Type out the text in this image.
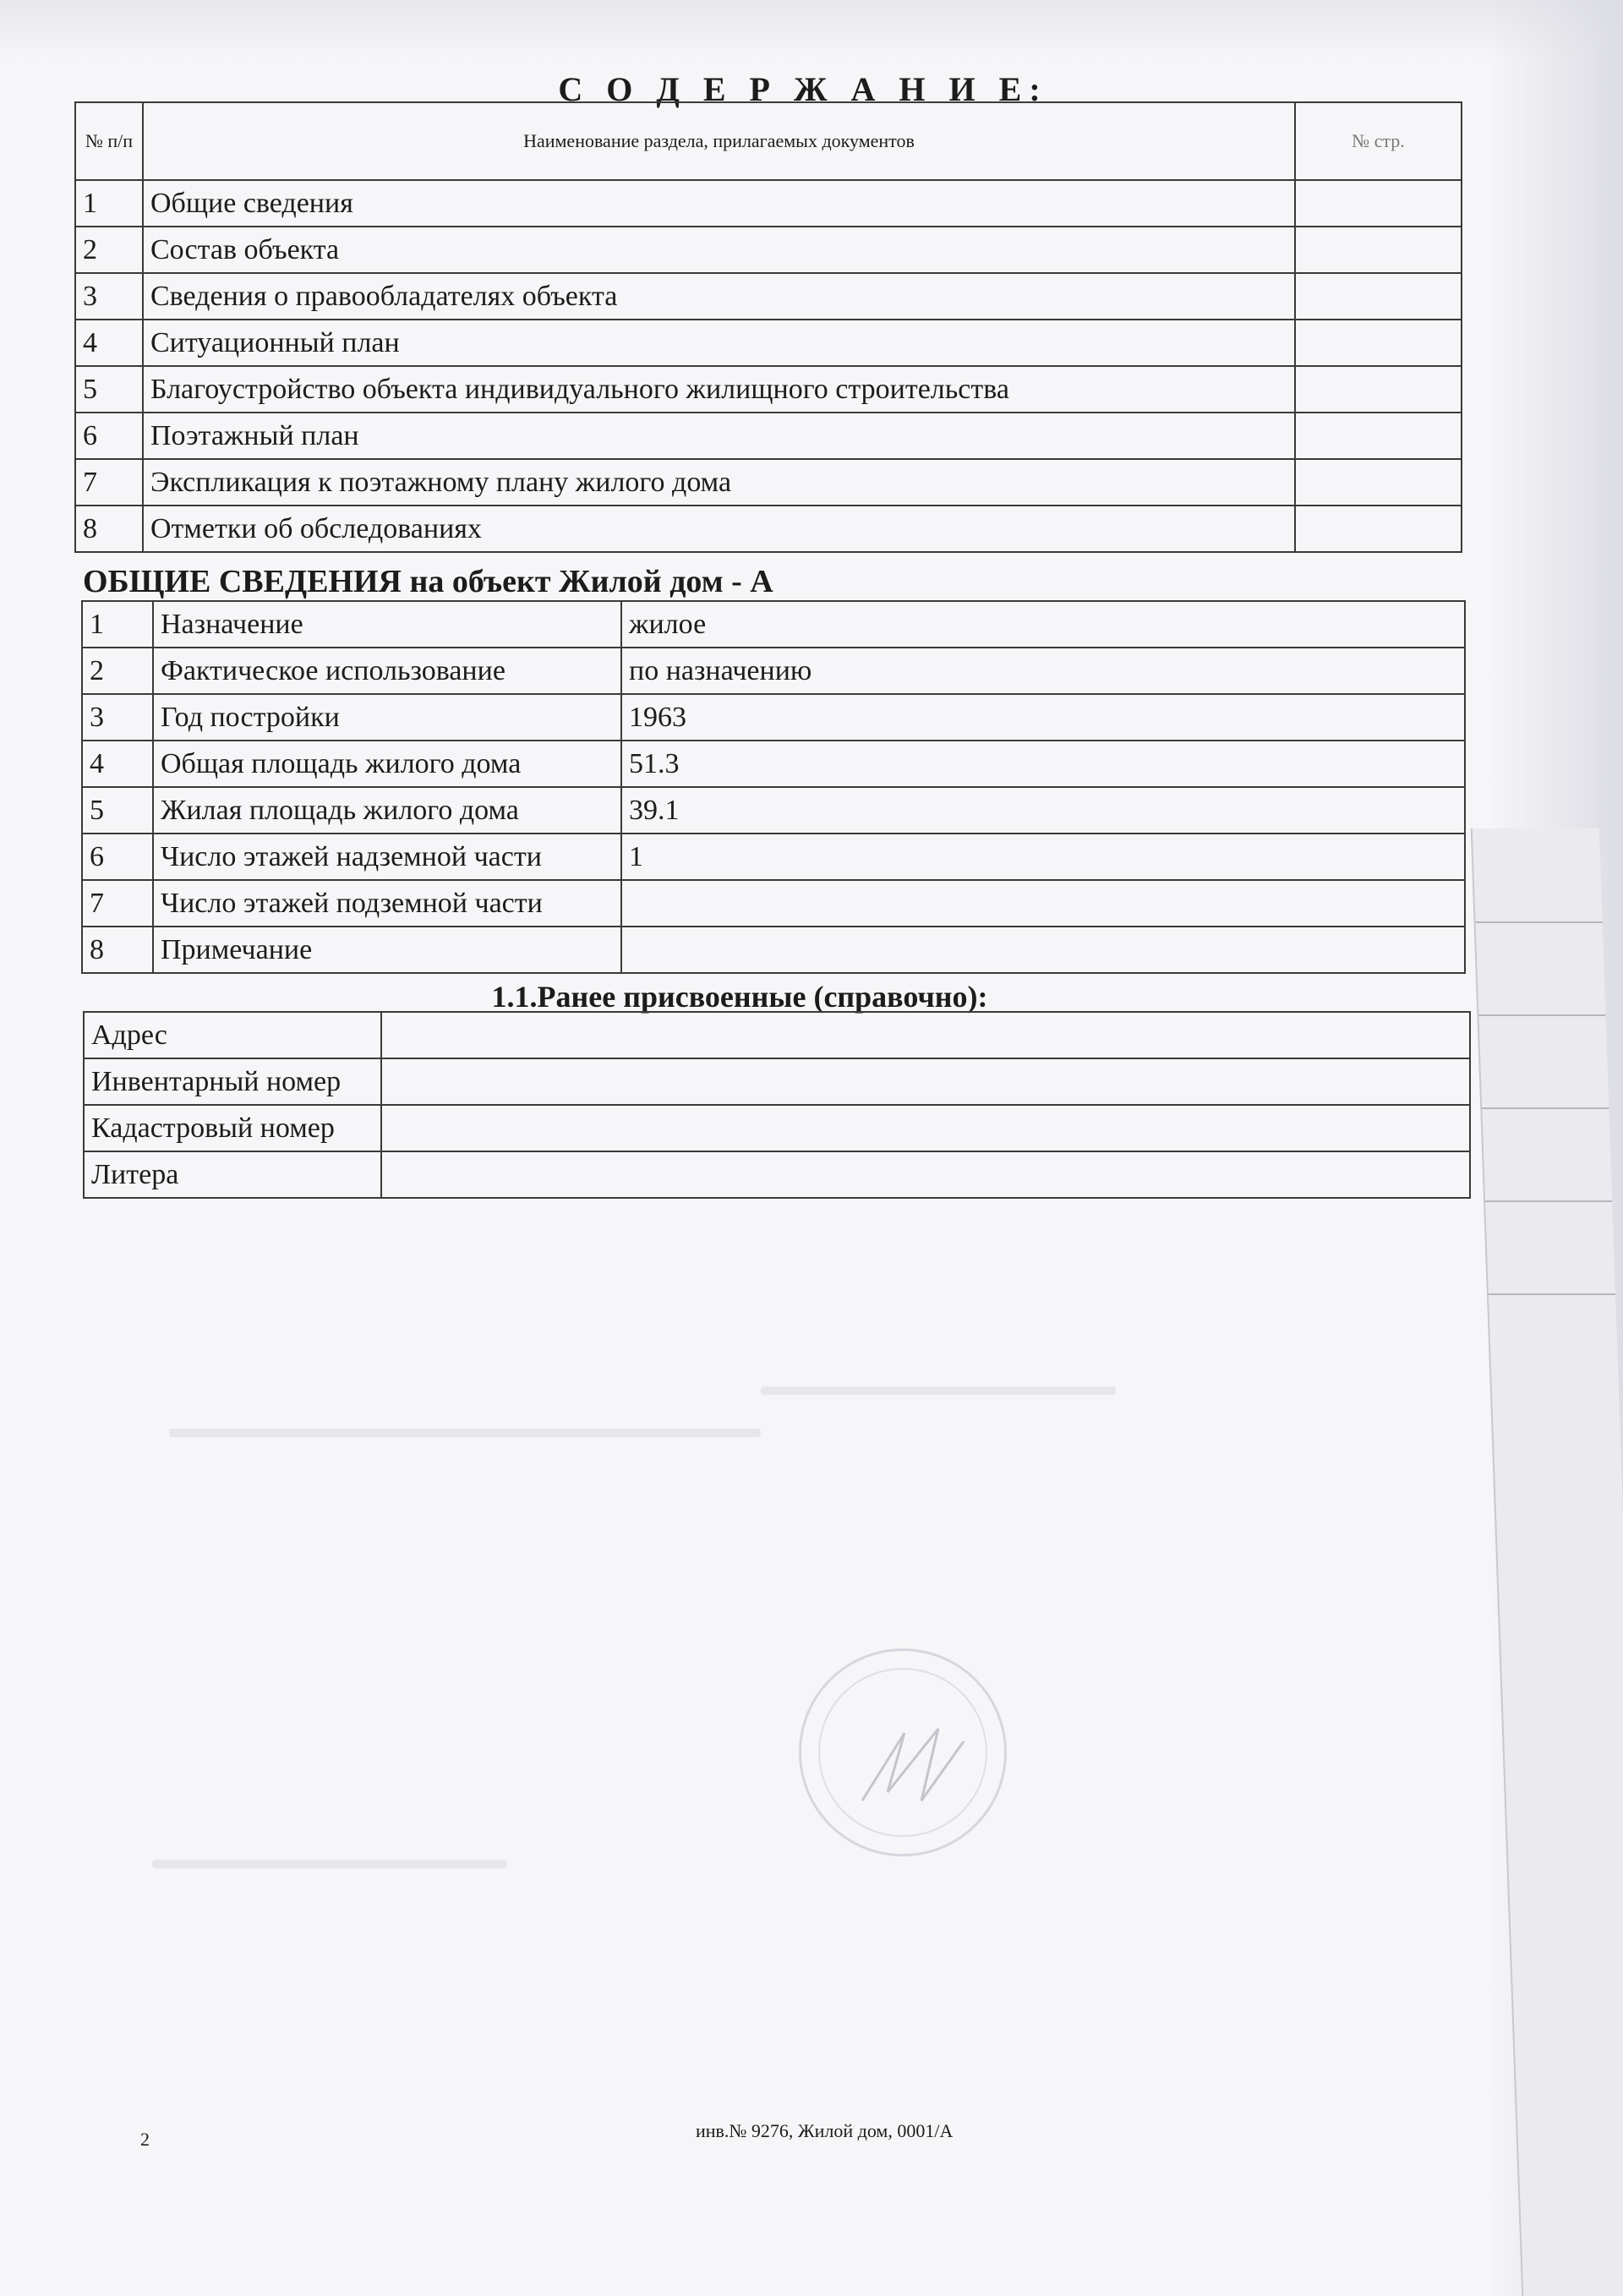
С О Д Е Р Ж А Н И Е:
№ п/п	Наименование раздела, прилагаемых документов	№ стр.
1	Общие сведения	
2	Состав объекта	
3	Сведения о правообладателях объекта	
4	Ситуационный план	
5	Благоустройство объекта индивидуального жилищного строительства	
6	Поэтажный план	
7	Экспликация к поэтажному плану жилого дома	
8	Отметки об обследованиях	
ОБЩИЕ СВЕДЕНИЯ на объект Жилой дом - А
1	Назначение	жилое
2	Фактическое использование	по назначению
3	Год постройки	1963
4	Общая площадь жилого дома	51.3
5	Жилая площадь жилого дома	39.1
6	Число этажей надземной части	1
7	Число этажей подземной части	
8	Примечание	
1.1.Ранее присвоенные (справочно):
Адрес	
Инвентарный номер	
Кадастровый номер	
Литера	
2	инв.№ 9276, Жилой дом, 0001/А
